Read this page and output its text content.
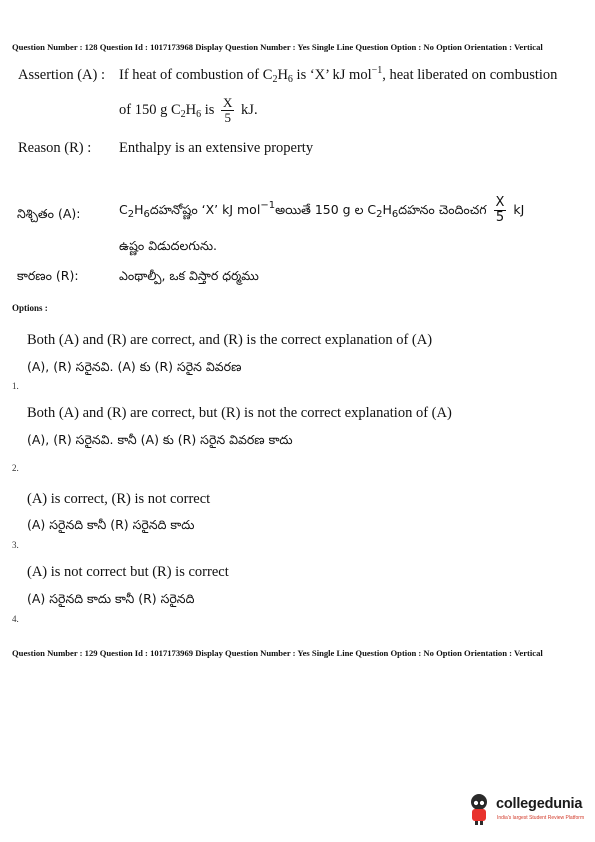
Question Number : 128 Question Id : 1017173968 Display Question Number : Yes Single Line Question Option : No Option Orientation : Vertical
Assertion (A) : If heat of combustion of $C_2H_6$ is ‘X’ kJ mol$^{-1}$, heat liberated on combustion
of 150 g $C_2H_6$ is $\frac{X}{5}$ kJ.
Reason (R) : Enthalpy is an extensive property
నిశ్చితం (A):	$C_2H_6దహనోష్ణం$ ‘X’ kJ mol$^{-1}$అయితే 150 g ల $C_2H_6దహనం$ చెందించగ $\frac{X}{5}$ kJ
ఉష్ణం విడుదలగును.
కారణం (R):	ఎంథాల్పీ, ఒక విస్తార ధర్మము
Options :
Both (A) and (R) are correct, and (R) is the correct explanation of (A)
(A), (R) సరైనవి. (A) కు (R) సరైన వివరణ
1.
Both (A) and (R) are correct, but (R) is not the correct explanation of (A)
(A), (R) సరైనవి. కానీ (A) కు (R) సరైన వివరణ కాదు
2.
(A) is correct, (R) is not correct
(A) సరైనది కానీ (R) సరైనది కాదు
3.
(A) is not correct but (R) is correct
(A) సరైనది కాదు కానీ (R) సరైనది
4.
Question Number : 129 Question Id : 1017173969 Display Question Number : Yes Single Line Question Option : No Option Orientation : Vertical
collegedunia
India's largest Student Review Platform
